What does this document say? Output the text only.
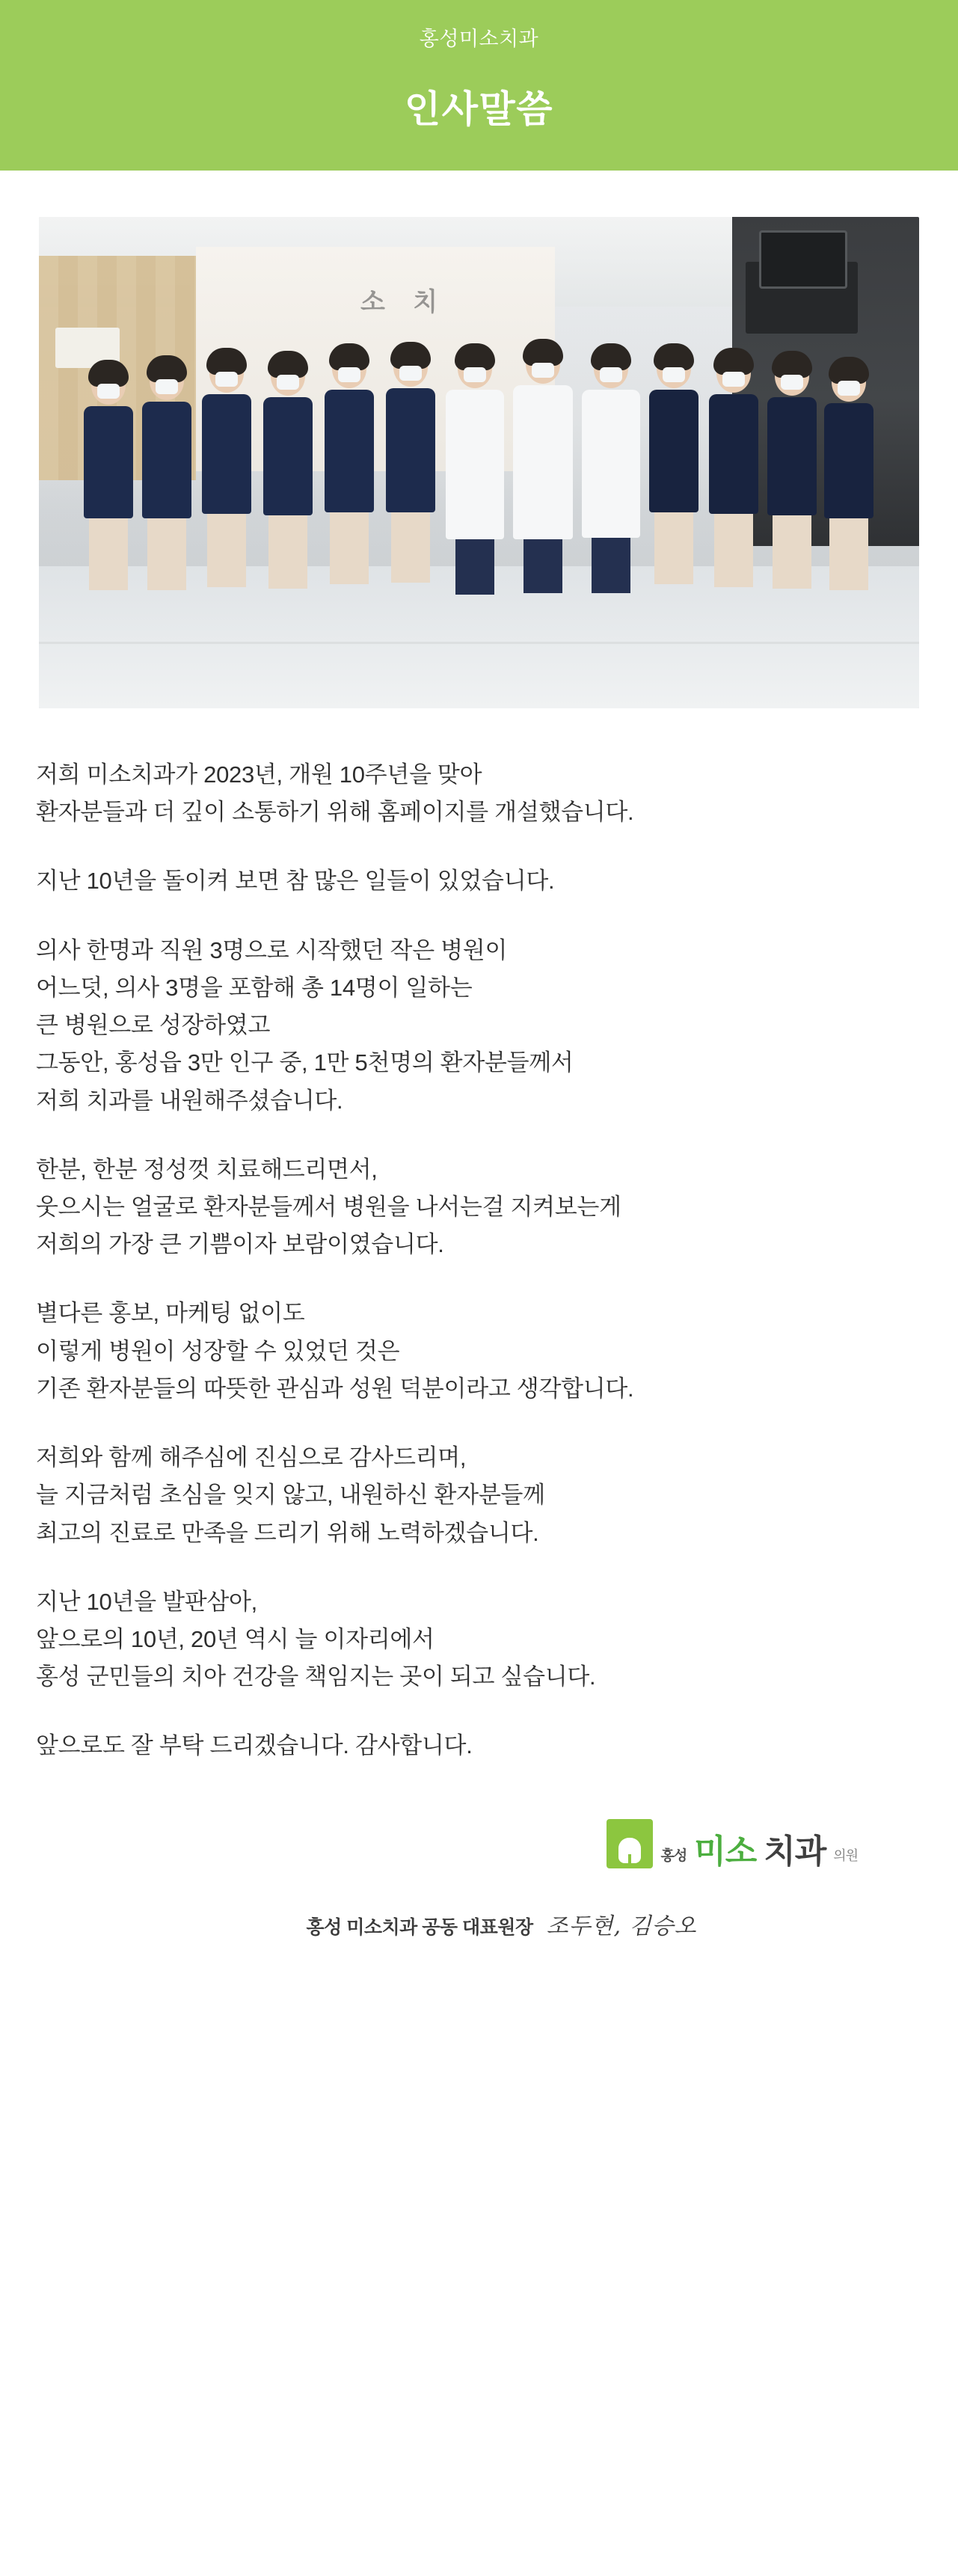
홍성미소치과
인사말씀
소 치

저희 미소치과가 2023년, 개원 10주년을 맞아
환자분들과 더 깊이 소통하기 위해 홈페이지를 개설했습니다.

지난 10년을 돌이켜 보면 참 많은 일들이 있었습니다.

의사 한명과 직원 3명으로 시작했던 작은 병원이
어느덧, 의사 3명을 포함해 총 14명이 일하는
큰 병원으로 성장하였고
그동안, 홍성읍 3만 인구 중, 1만 5천명의 환자분들께서
저희 치과를 내원해주셨습니다.

한분, 한분 정성껏 치료해드리면서,
웃으시는 얼굴로 환자분들께서 병원을 나서는걸 지켜보는게
저희의 가장 큰 기쁨이자 보람이였습니다.

별다른 홍보, 마케팅 없이도
이렇게 병원이 성장할 수 있었던 것은
기존 환자분들의 따뜻한 관심과 성원 덕분이라고 생각합니다.

저희와 함께 해주심에 진심으로 감사드리며,
늘 지금처럼 초심을 잊지 않고, 내원하신 환자분들께
최고의 진료로 만족을 드리기 위해 노력하겠습니다.

지난 10년을 발판삼아,
앞으로의 10년, 20년 역시 늘 이자리에서
홍성 군민들의 치아 건강을 책임지는 곳이 되고 싶습니다.

앞으로도 잘 부탁 드리겠습니다. 감사합니다.

홍성 미소 치과 의원
홍성 미소치과 공동 대표원장 조두현, 김승오
